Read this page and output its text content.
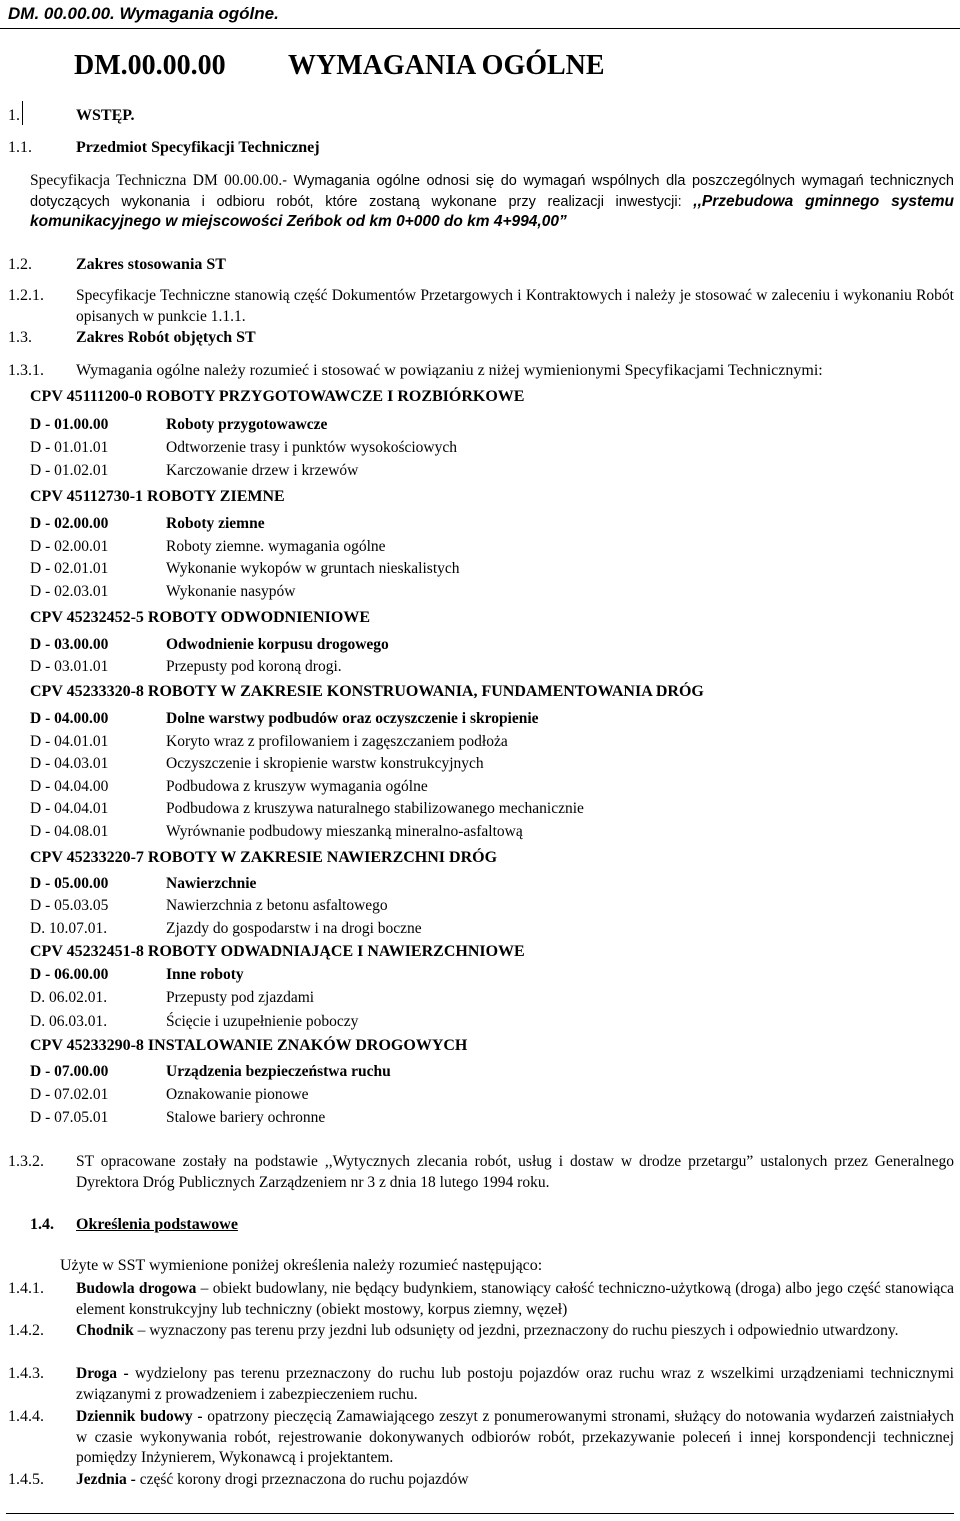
DM. 00.00.00. Wymagania ogólne.
DM.00.00.00 WYMAGANIA OGÓLNE
1.	WSTĘP.
1.1.	Przedmiot Specyfikacji Technicznej
Specyfikacja Techniczna DM 00.00.00.- Wymagania ogólne odnosi się do wymagań wspólnych dla poszczególnych wymagań technicznych dotyczących wykonania i odbioru robót, które zostaną wykonane przy realizacji inwestycji: ,,Przebudowa gminnego systemu komunikacyjnego w miejscowości Zeńbok od km 0+000 do km 4+994,00”
1.2.	Zakres stosowania ST
1.2.1. Specyfikacje Techniczne stanowią część Dokumentów Przetargowych i Kontraktowych i należy je stosować w zaleceniu i wykonaniu Robót opisanych w punkcie 1.1.1.
1.3.	Zakres Robót objętych ST
1.3.1. Wymagania ogólne należy rozumieć i stosować w powiązaniu z niżej wymienionymi Specyfikacjami Technicznymi:
CPV 45111200-0 ROBOTY PRZYGOTOWAWCZE I ROZBIÓRKOWE
D - 01.00.00	Roboty przygotowawcze
D - 01.01.01	Odtworzenie trasy i punktów wysokościowych
D - 01.02.01	Karczowanie drzew i krzewów
CPV 45112730-1 ROBOTY ZIEMNE
D - 02.00.00	Roboty ziemne
D - 02.00.01	Roboty ziemne. wymagania ogólne
D - 02.01.01	Wykonanie wykopów w gruntach nieskalistych
D - 02.03.01	Wykonanie nasypów
CPV 45232452-5 ROBOTY ODWODNIENIOWE
D - 03.00.00	Odwodnienie korpusu drogowego
D - 03.01.01	Przepusty pod koroną drogi.
CPV 45233320-8 ROBOTY W ZAKRESIE KONSTRUOWANIA, FUNDAMENTOWANIA DRÓG
D - 04.00.00	Dolne warstwy podbudów oraz oczyszczenie i skropienie
D - 04.01.01	Koryto wraz z profilowaniem i zagęszczaniem podłoża
D - 04.03.01	Oczyszczenie i skropienie warstw konstrukcyjnych
D - 04.04.00	Podbudowa z kruszyw wymagania ogólne
D - 04.04.01	Podbudowa z kruszywa naturalnego stabilizowanego mechanicznie
D - 04.08.01	Wyrównanie podbudowy mieszanką mineralno-asfaltową
CPV 45233220-7 ROBOTY W ZAKRESIE NAWIERZCHNI DRÓG
D - 05.00.00	Nawierzchnie
D - 05.03.05	Nawierzchnia z betonu asfaltowego
D. 10.07.01.	Zjazdy do gospodarstw i na drogi boczne
CPV 45232451-8 ROBOTY ODWADNIAJĄCE I NAWIERZCHNIOWE
D - 06.00.00	Inne roboty
D. 06.02.01.	Przepusty pod zjazdami
D. 06.03.01.	Ścięcie i uzupełnienie poboczy
CPV 45233290-8 INSTALOWANIE ZNAKÓW DROGOWYCH
D - 07.00.00	Urządzenia bezpieczeństwa ruchu
D - 07.02.01	Oznakowanie pionowe
D - 07.05.01	Stalowe bariery ochronne
1.3.2. ST opracowane zostały na podstawie ,,Wytycznych zlecania robót, usług i dostaw w drodze przetargu” ustalonych przez Generalnego Dyrektora Dróg Publicznych Zarządzeniem nr 3 z dnia 18 lutego 1994 roku.
1.4. Określenia podstawowe
Użyte w SST wymienione poniżej określenia należy rozumieć następująco:
1.4.1. Budowla drogowa – obiekt budowlany, nie będący budynkiem, stanowiący całość techniczno-użytkową (droga) albo jego część stanowiąca element konstrukcyjny lub techniczny (obiekt mostowy, korpus ziemny, węzeł)
1.4.2. Chodnik – wyznaczony pas terenu przy jezdni lub odsunięty od jezdni, przeznaczony do ruchu pieszych i odpowiednio utwardzony.
1.4.3. Droga - wydzielony pas terenu przeznaczony do ruchu lub postoju pojazdów oraz ruchu wraz z wszelkimi urządzeniami technicznymi związanymi z prowadzeniem i zabezpieczeniem ruchu.
1.4.4. Dziennik budowy - opatrzony pieczęcią Zamawiającego zeszyt z ponumerowanymi stronami, służący do notowania wydarzeń zaistniałych w czasie wykonywania robót, rejestrowanie dokonywanych odbiorów robót, przekazywanie poleceń i innej korspondencji technicznej pomiędzy Inżynierem, Wykonawcą i projektantem.
1.4.5. Jezdnia - część korony drogi przeznaczona do ruchu pojazdów
